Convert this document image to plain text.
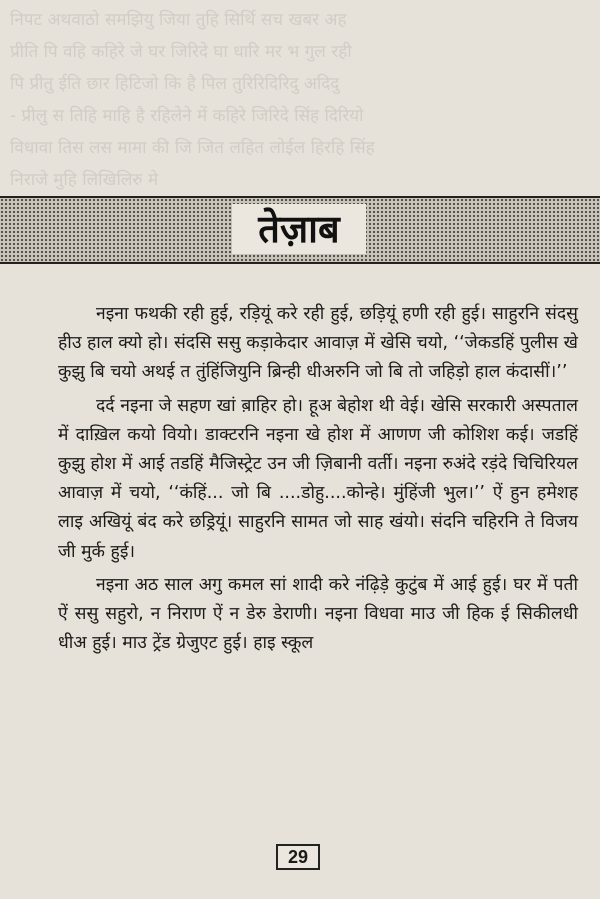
निपट अथवाठो समझियु जिया तुहि सिर्थि सच खबर अह
प्रीति पि वहि कहिरे जे घर जिरिदे घा धारि मर भ गुल रही
पि प्रीतु ईति छार हिटिजो कि है पिल तुरिरिदिरिदु अदिदु
- प्रीलु स तिहि माहि है रहिलेने में कहिरे जिरिदे सिंह दिरियो
विधावा तिस लस मामा की जि जित लहित लोईल हिरहि सिंह
निराजे मुहि लिखिलिरु मे
तेज़ाब

नइना फथकी रही हुई, रड़ियूं करे रही हुई, छड़ियूं हणी रही हुई। साहुरनि संदसु हीउ हाल क्यो हो। संदसि ससु कड़ाकेदार आवाज़ में खेसि चयो, ‘‘जेकडहिं पुलीस खे कुझु बि चयो अथई त तुंहिंजियुनि ब्रिन्ही धीअरुनि जो बि तो जहिड़ो हाल कंदासीं।’’

दर्द नइना जे सहण खां ब़ाहिर हो। हूअ बेहोश थी वेई। खेसि सरकारी अस्पताल में दाख़िल कयो वियो। डाक्टरनि नइना खे होश में आणण जी कोशिश कई। जडहिं कुझु होश में आई तडहिं मैजिस्ट्रेट उन जी ज़िबानी वर्ती। नइना रुअंदे रड़ंदे चिचिरियल आवाज़ में चयो, ‘‘कंहिं... जो बि ....डोहु....कोन्हे। मुंहिंजी भुल।’’ ऐं हुन हमेशह लाइ अखियूं बंद करे छड्रियूं। साहुरनि सामत जो साह खंयो। संदनि चहिरनि ते विजय जी मुर्क हुई।

नइना अठ साल अगु कमल सां शादी करे नंढ़िड़े कुटुंब में आई हुई। घर में पती ऐं ससु सहुरो, न निराण ऐं न डेरु डेराणी। नइना विधवा माउ जी हिक ई सिकीलधी धीअ हुई। माउ ट्रेंड ग्रेजुएट हुई। हाइ स्कूल

29
